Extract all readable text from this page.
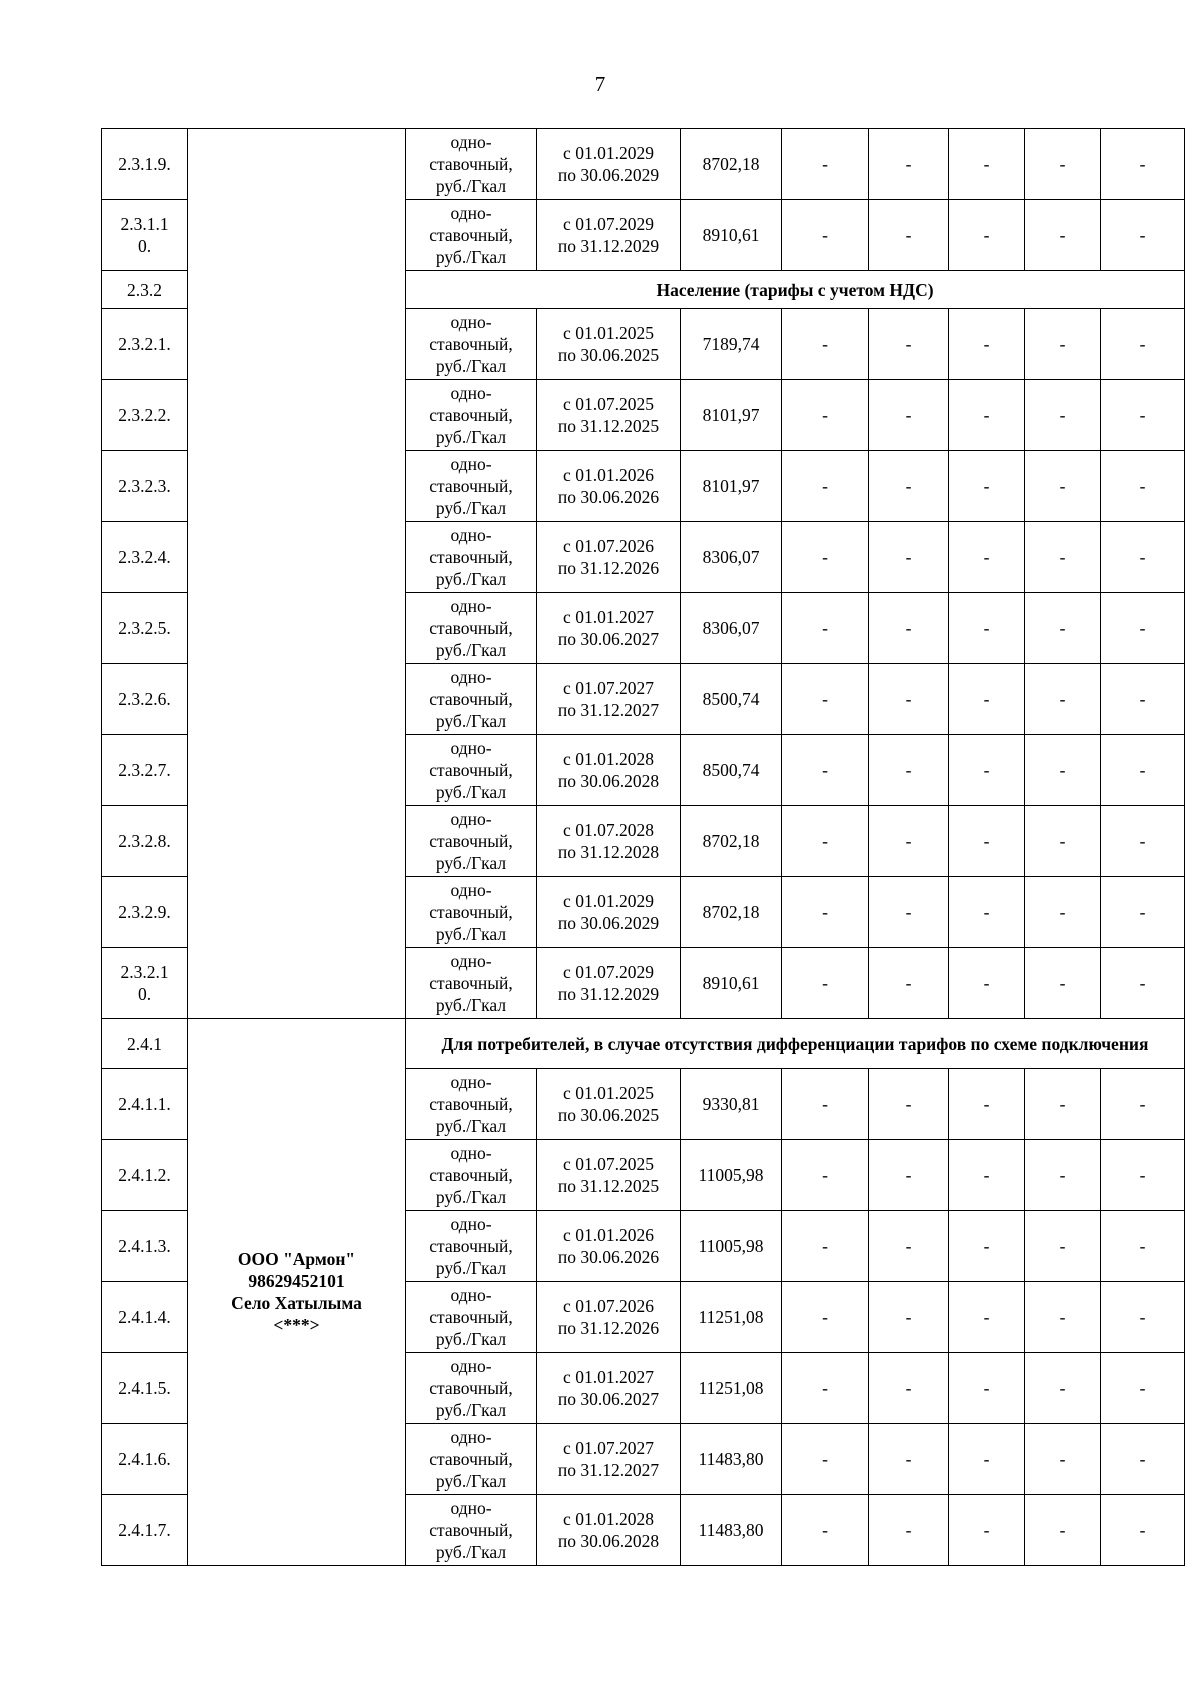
7
2.3.1.9.		одно-
ставочный,
руб./Гкал	с 01.01.2029
по 30.06.2029	8702,18	-	-	-	-	-
2.3.1.1
0.		одно-
ставочный,
руб./Гкал	с 01.07.2029
по 31.12.2029	8910,61	-	-	-	-	-
2.3.2		Население (тарифы с учетом НДС)							
2.3.2.1.		одно-
ставочный,
руб./Гкал	с 01.01.2025
по 30.06.2025	7189,74	-	-	-	-	-
2.3.2.2.		одно-
ставочный,
руб./Гкал	с 01.07.2025
по 31.12.2025	8101,97	-	-	-	-	-
2.3.2.3.		одно-
ставочный,
руб./Гкал	с 01.01.2026
по 30.06.2026	8101,97	-	-	-	-	-
2.3.2.4.		одно-
ставочный,
руб./Гкал	с 01.07.2026
по 31.12.2026	8306,07	-	-	-	-	-
2.3.2.5.		одно-
ставочный,
руб./Гкал	с 01.01.2027
по 30.06.2027	8306,07	-	-	-	-	-
2.3.2.6.		одно-
ставочный,
руб./Гкал	с 01.07.2027
по 31.12.2027	8500,74	-	-	-	-	-
2.3.2.7.		одно-
ставочный,
руб./Гкал	с 01.01.2028
по 30.06.2028	8500,74	-	-	-	-	-
2.3.2.8.		одно-
ставочный,
руб./Гкал	с 01.07.2028
по 31.12.2028	8702,18	-	-	-	-	-
2.3.2.9.		одно-
ставочный,
руб./Гкал	с 01.01.2029
по 30.06.2029	8702,18	-	-	-	-	-
2.3.2.1
0.		одно-
ставочный,
руб./Гкал	с 01.07.2029
по 31.12.2029	8910,61	-	-	-	-	-
2.4.1	ООО "Армон"
98629452101
Село Хатылыма
<***>	Для потребителей, в случае отсутствия дифференциации тарифов по схеме подключения							
2.4.1.1.		одно-
ставочный,
руб./Гкал	с 01.01.2025
по 30.06.2025	9330,81	-	-	-	-	-
2.4.1.2.		одно-
ставочный,
руб./Гкал	с 01.07.2025
по 31.12.2025	11005,98	-	-	-	-	-
2.4.1.3.		одно-
ставочный,
руб./Гкал	с 01.01.2026
по 30.06.2026	11005,98	-	-	-	-	-
2.4.1.4.		одно-
ставочный,
руб./Гкал	с 01.07.2026
по 31.12.2026	11251,08	-	-	-	-	-
2.4.1.5.		одно-
ставочный,
руб./Гкал	с 01.01.2027
по 30.06.2027	11251,08	-	-	-	-	-
2.4.1.6.		одно-
ставочный,
руб./Гкал	с 01.07.2027
по 31.12.2027	11483,80	-	-	-	-	-
2.4.1.7.		одно-
ставочный,
руб./Гкал	с 01.01.2028
по 30.06.2028	11483,80	-	-	-	-	-
